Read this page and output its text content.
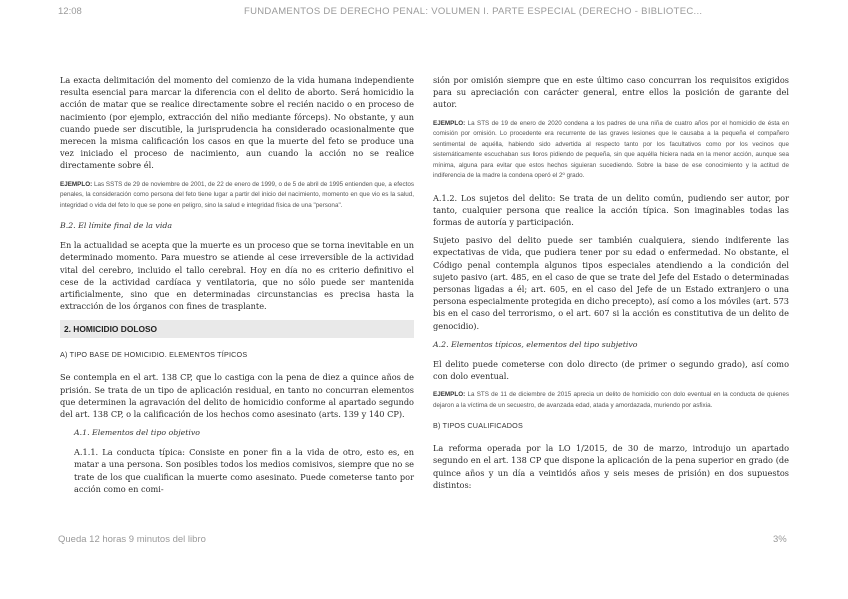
12:08	FUNDAMENTOS DE DERECHO PENAL: VOLUMEN I. PARTE ESPECIAL (DERECHO - BIBLIOTEC...

La exacta delimitación del momento del comienzo de la vida humana independiente resulta esencial para marcar la diferencia con el delito de aborto. Será homicidio la acción de matar que se realice directamente sobre el recién nacido o en proceso de nacimiento (por ejemplo, extracción del niño mediante fórceps). No obstante, y aun cuando puede ser discutible, la jurisprudencia ha considerado ocasionalmente que merecen la misma calificación los casos en que la muerte del feto se produce una vez iniciado el proceso de nacimiento, aun cuando la acción no se realice directamente sobre él.

EJEMPLO: Las SSTS de 29 de noviembre de 2001, de 22 de enero de 1999, o de 5 de abril de 1995 entienden que, a efectos penales, la consideración como persona del feto tiene lugar a partir del inicio del nacimiento, momento en que vio es la salud, integridad o vida del feto lo que se pone en peligro, sino la salud e integridad física de una "persona".

B.2. El límite final de la vida

En la actualidad se acepta que la muerte es un proceso que se torna inevitable en un determinado momento. Para muestro se atiende al cese irreversible de la actividad vital del cerebro, incluido el tallo cerebral. Hoy en día no es criterio definitivo el cese de la actividad cardíaca y ventilatoria, que no sólo puede ser mantenida artificialmente, sino que en determinadas circunstancias es precisa hasta la extracción de los órganos con fines de trasplante.

2. HOMICIDIO DOLOSO

A) TIPO BASE DE HOMICIDIO. ELEMENTOS TÍPICOS

Se contempla en el art. 138 CP, que lo castiga con la pena de diez a quince años de prisión. Se trata de un tipo de aplicación residual, en tanto no concurran elementos que determinen la agravación del delito de homicidio conforme al apartado segundo del art. 138 CP, o la calificación de los hechos como asesinato (arts. 139 y 140 CP).

A.1. Elementos del tipo objetivo

A.1.1. La conducta típica: Consiste en poner fin a la vida de otro, esto es, en matar a una persona. Son posibles todos los medios comisivos, siempre que no se trate de los que cualifican la muerte como asesinato. Puede cometerse tanto por acción como en comi-

sión por omisión siempre que en este último caso concurran los requisitos exigidos para su apreciación con carácter general, entre ellos la posición de garante del autor.

EJEMPLO: La STS de 19 de enero de 2020 condena a los padres de una niña de cuatro años por el homicidio de ésta en comisión por omisión. Lo procedente era recurrente de las graves lesiones que le causaba a la pequeña el compañero sentimental de aquélla, habiendo sido advertida al respecto tanto por los facultativos como por los vecinos que sistemáticamente escuchaban sus lloros pidiendo de pequeña, sin que aquélla hiciera nada en la menor acción, aunque sea mínima, alguna para evitar que estos hechos siguieran sucediendo. Sobre la base de ese conocimiento y la actitud de indiferencia de la madre la condena operó el 2º grado.

A.1.2. Los sujetos del delito: Se trata de un delito común, pudiendo ser autor, por tanto, cualquier persona que realice la acción típica. Son imaginables todas las formas de autoría y participación.

Sujeto pasivo del delito puede ser también cualquiera, siendo indiferente las expectativas de vida, que pudiera tener por su edad o enfermedad. No obstante, el Código penal contempla algunos tipos especiales atendiendo a la condición del sujeto pasivo (art. 485, en el caso de que se trate del Jefe del Estado o determinadas personas ligadas a él; art. 605, en el caso del Jefe de un Estado extranjero o una persona especialmente protegida en dicho precepto), así como a los móviles (art. 573 bis en el caso del terrorismo, o el art. 607 si la acción es constitutiva de un delito de genocidio).

A.2. Elementos típicos, elementos del tipo subjetivo

El delito puede cometerse con dolo directo (de primer o segundo grado), así como con dolo eventual.

EJEMPLO: La STS de 11 de diciembre de 2015 aprecia un delito de homicidio con dolo eventual en la conducta de quienes dejaron a la víctima de un secuestro, de avanzada edad, atada y amordazada, muriendo por asfixia.

B) TIPOS CUALIFICADOS

La reforma operada por la LO 1/2015, de 30 de marzo, introdujo un apartado segundo en el art. 138 CP que dispone la aplicación de la pena superior en grado (de quince años y un día a veintidós años y seis meses de prisión) en dos supuestos distintos:

Queda 12 horas 9 minutos del libro	3%
